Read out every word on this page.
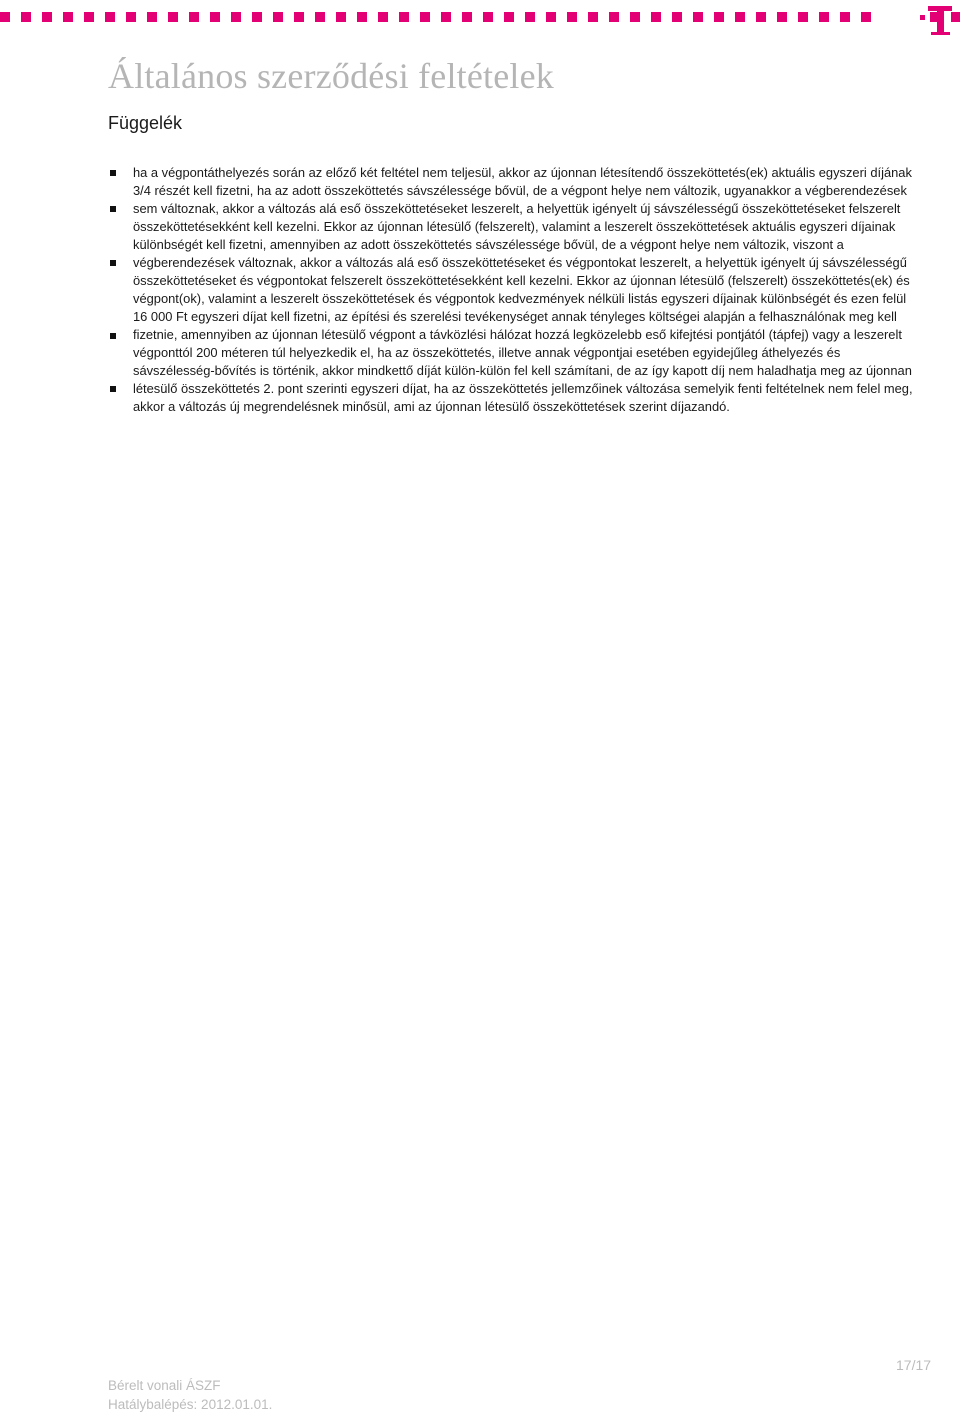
Általános szerződési feltételek
Függelék
ha a végpontáthelyezés során az előző két feltétel nem teljesül, akkor az újonnan létesítendő összeköttetés(ek) aktuális egyszeri díjának 3/4 részét kell fizetni, ha az adott összeköttetés sávszélessége bővül, de a végpont helye nem változik, ugyanakkor a végberendezések sem változnak, akkor a változás alá eső összeköttetéseket leszerelt, a helyettük igényelt új sávszélességű összeköttetéseket felszerelt összeköttetésekként kell kezelni. Ekkor az újonnan létesülő (felszerelt), valamint a leszerelt összeköttetések aktuális egyszeri díjainak különbségét kell fizetni, amennyiben az adott összeköttetés sávszélessége bővül, de a végpont helye nem változik, viszont a végberendezések változnak, akkor a változás alá eső összeköttetéseket és végpontokat leszerelt, a helyettük igényelt új sávszélességű összeköttetéseket és végpontokat felszerelt összeköttetésekként kell kezelni. Ekkor az újonnan létesülő (felszerelt) összeköttetés(ek) és végpont(ok), valamint a leszerelt összeköttetések és végpontok kedvezmények nélküli listás egyszeri díjainak különbségét és ezen felül 16 000 Ft egyszeri díjat kell fizetni, az építési és szerelési tevékenységet annak tényleges költségei alapján a felhasználónak meg kell fizetnie, amennyiben az újonnan létesülő végpont a távközlési hálózat hozzá legközelebb eső kifejtési pontjától (tápfej) vagy a leszerelt végponttól 200 méteren túl helyezkedik el, ha az összeköttetés, illetve annak végpontjai esetében egyidejűleg áthelyezés és sávszélesség-bővítés is történik, akkor mindkettő díját külön-külön fel kell számítani, de az így kapott díj nem haladhatja meg az újonnan létesülő összeköttetés 2. pont szerinti egyszeri díjat, ha az összeköttetés jellemzőinek változása semelyik fenti feltételnek nem felel meg, akkor a változás új megrendelésnek minősül, ami az újonnan létesülő összeköttetések szerint díjazandó.
Bérelt vonali ÁSZF
Hatálybalépés: 2012.01.01.
17/17
